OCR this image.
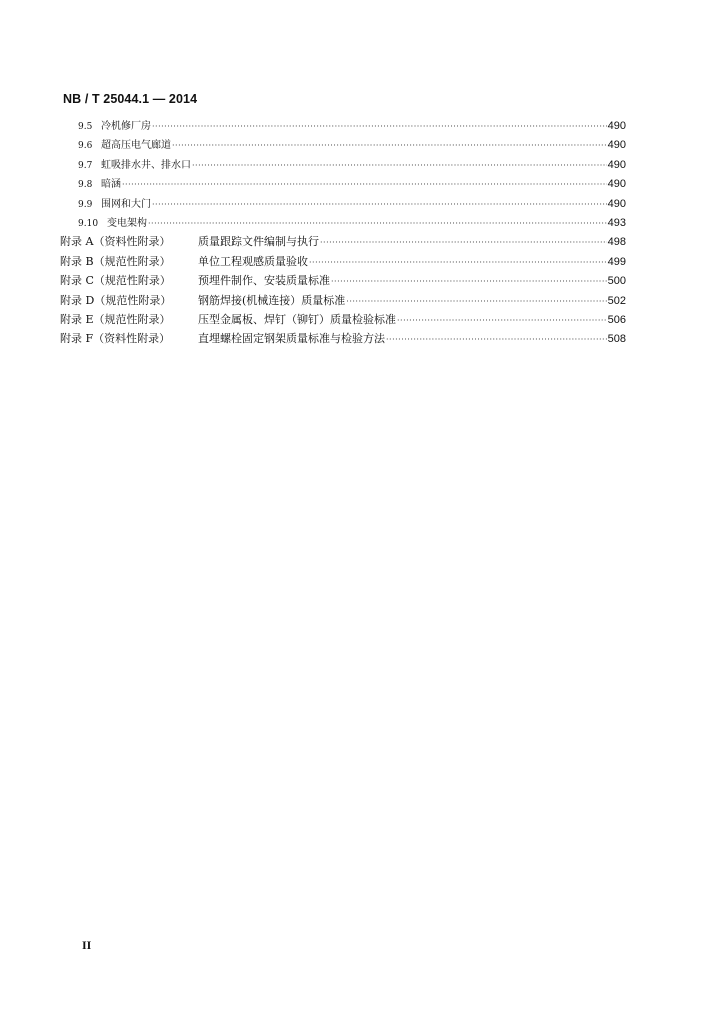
NB / T 25044.1 — 2014
9.5 冷机修厂房 ·····	490
9.6 超高压电气廊道 ·····	490
9.7 虹吸排水井、排水口 ·····	490
9.8 暗涵 ·····	490
9.9 围网和大门 ·····	490
9.10 变电架构 ·····	493
附录 A（资料性附录）	质量跟踪文件编制与执行 ·····	498
附录 B（规范性附录）	单位工程观感质量验收 ·····	499
附录 C（规范性附录）	预埋件制作、安装质量标准 ·····	500
附录 D（规范性附录）	钢筋焊接(机械连接）质量标准 ·····	502
附录 E（规范性附录）	压型金属板、焊钉（铆钉）质量检验标准 ·····	506
附录 F（资料性附录）	直埋螺栓固定钢架质量标准与检验方法 ·····	508
II
